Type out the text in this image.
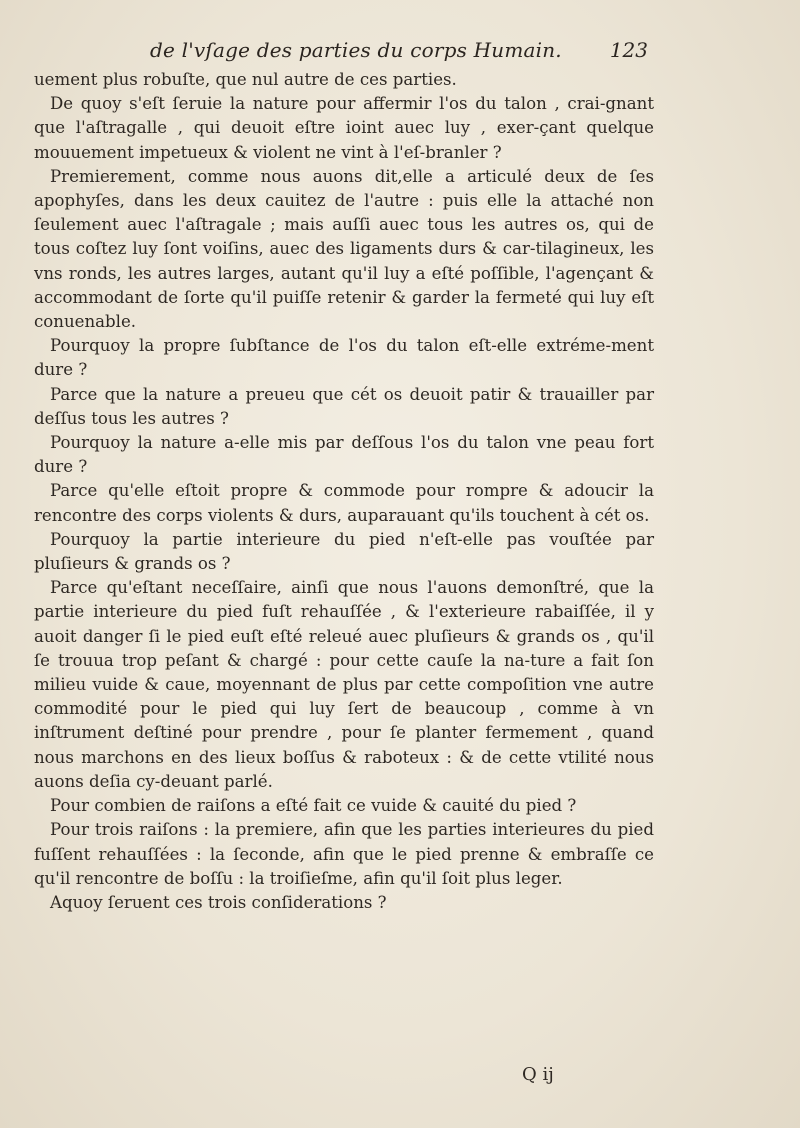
de l'vſage des parties du corps Humain. 123

uement plus robuſte, que nul autre de ces parties.

De quoy s'eſt ſeruie la nature pour affermir l'os du talon , crai-gnant que l'aſtragalle , qui deuoit eſtre ioint auec luy , exer-çant quelque mouuement impetueux & violent ne vint à l'eſ-branler ?

Premierement, comme nous auons dit,elle a articulé deux de ſes apophyſes, dans les deux cauitez de l'autre : puis elle la attaché non ſeulement auec l'aſtragale ; mais auſſi auec tous les autres os, qui de tous coſtez luy ſont voiſins, auec des ligaments durs & car-tilagineux, les vns ronds, les autres larges, autant qu'il luy a eſté poſſible, l'agençant & accommodant de ſorte qu'il puiſſe retenir & garder la fermeté qui luy eſt conuenable.

Pourquoy la propre ſubſtance de l'os du talon eſt-elle extréme-ment dure ?

Parce que la nature a preueu que cét os deuoit patir & trauailler par deſſus tous les autres ?

Pourquoy la nature a-elle mis par deſſous l'os du talon vne peau fort dure ?

Parce qu'elle eſtoit propre & commode pour rompre & adoucir la rencontre des corps violents & durs, auparauant qu'ils touchent à cét os.

Pourquoy la partie interieure du pied n'eſt-elle pas vouſtée par pluſieurs & grands os ?

Parce qu'eſtant neceſſaire, ainſi que nous l'auons demonſtré, que la partie interieure du pied fuſt rehauſſée , & l'exterieure rabaiſſée, il y auoit danger ſi le pied euſt eſté releué auec pluſieurs & grands os , qu'il ſe trouua trop peſant & chargé : pour cette cauſe la na-ture a fait ſon milieu vuide & caue, moyennant de plus par cette compoſition vne autre commodité pour le pied qui luy ſert de beaucoup , comme à vn inſtrument deſtiné pour prendre , pour ſe planter fermement , quand nous marchons en des lieux boſſus & raboteux : & de cette vtilité nous auons deſia cy-deuant parlé.

Pour combien de raiſons a eſté fait ce vuide & cauité du pied ?

Pour trois raiſons : la premiere, afin que les parties interieures du pied fuſſent rehauſſées : la ſeconde, afin que le pied prenne & embraſſe ce qu'il rencontre de boſſu : la troiſieſme, afin qu'il ſoit plus leger.

Aquoy ſeruent ces trois conſiderations ?

Q ij
